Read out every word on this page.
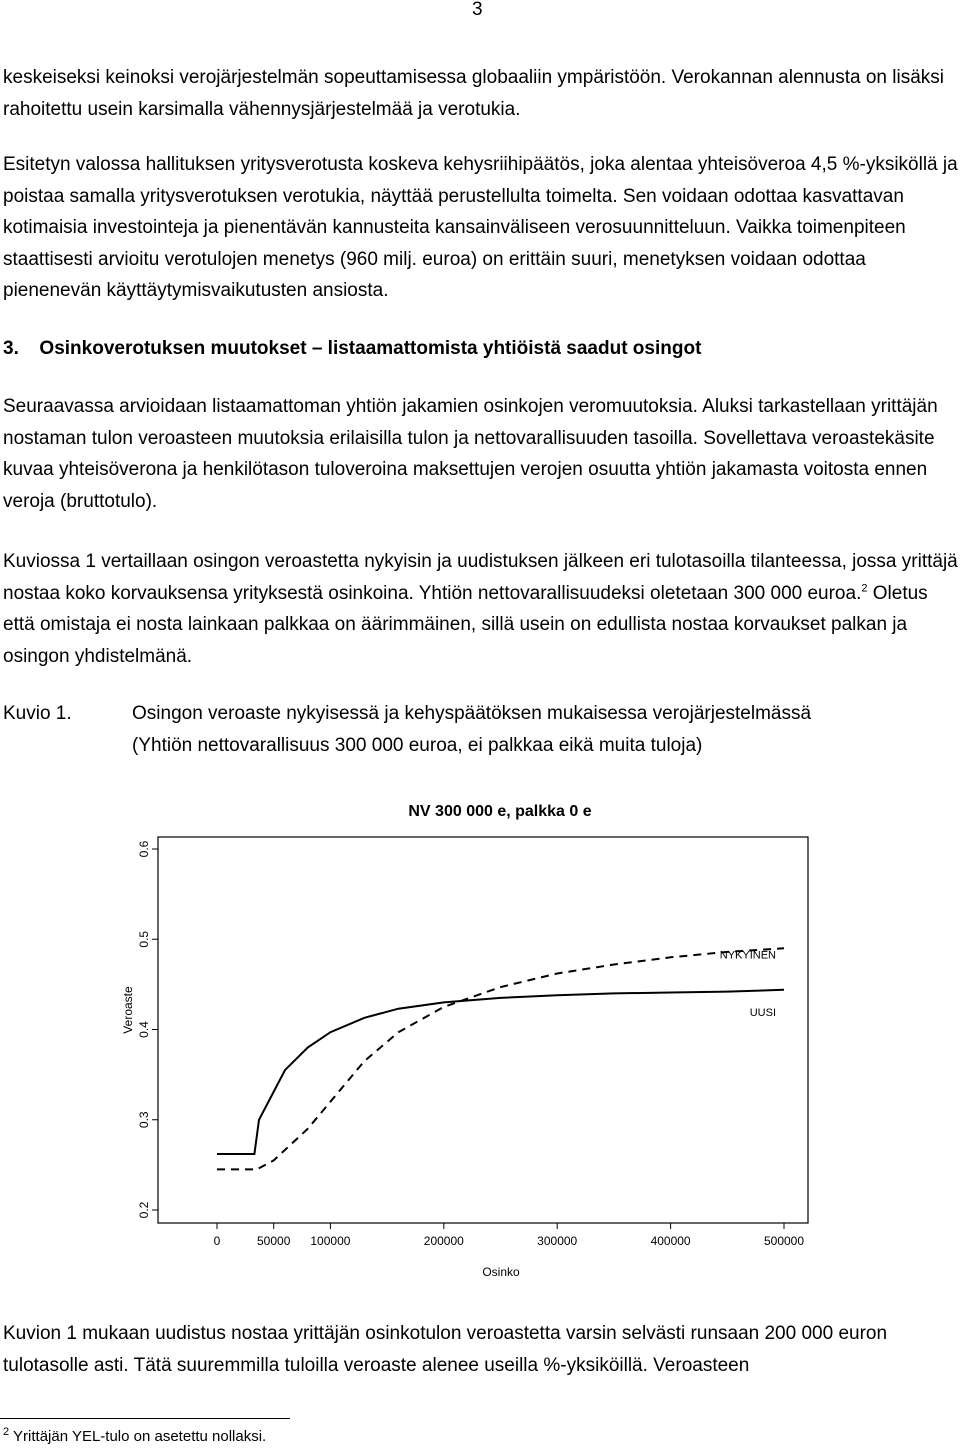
3

keskeiseksi keinoksi verojärjestelmän sopeuttamisessa globaaliin ympäristöön. Verokannan alennusta on lisäksi rahoitettu usein karsimalla vähennysjärjestelmää ja verotukia.

Esitetyn valossa hallituksen yritysverotusta koskeva kehysriihipäätös, joka alentaa yhteisöveroa 4,5 %-yksiköllä ja poistaa samalla yritysverotuksen verotukia, näyttää perustellulta toimelta. Sen voidaan odottaa kasvattavan kotimaisia investointeja ja pienentävän kannusteita kansainväliseen verosuunnitteluun. Vaikka toimenpiteen staattisesti arvioitu verotulojen menetys (960 milj. euroa) on erittäin suuri, menetyksen voidaan odottaa pienenevän käyttäytymisvaikutusten ansiosta.

3. Osinkoverotuksen muutokset – listaamattomista yhtiöistä saadut osingot

Seuraavassa arvioidaan listaamattoman yhtiön jakamien osinkojen veromuutoksia. Aluksi tarkastellaan yrittäjän nostaman tulon veroasteen muutoksia erilaisilla tulon ja nettovarallisuuden tasoilla. Sovellettava veroastekäsite kuvaa yhteisöverona ja henkilötason tuloveroina maksettujen verojen osuutta yhtiön jakamasta voitosta ennen veroja (bruttotulo).

Kuviossa 1 vertaillaan osingon veroastetta nykyisin ja uudistuksen jälkeen eri tulotasoilla tilanteessa, jossa yrittäjä nostaa koko korvauksensa yrityksestä osinkoina. Yhtiön nettovarallisuudeksi oletetaan 300 000 euroa.$^2$ Oletus että omistaja ei nosta lainkaan palkkaa on äärimmäinen, sillä usein on edullista nostaa korvaukset palkan ja osingon yhdistelmänä.

Kuvio 1.	Osingon veroaste nykyisessä ja kehyspäätöksen mukaisessa verojärjestelmässä
(Yhtiön nettovarallisuus 300 000 euroa, ei palkkaa eikä muita tuloja)
NV 300 000 e, palkka 0 e
Veroaste
Osinko
0	50000 100000	200000	300000	400000	500000
0.2
0.3
0.4
0.5
0.6
NYKYINEN
UUSI

Kuvion 1 mukaan uudistus nostaa yrittäjän osinkotulon veroastetta varsin selvästi runsaan 200 000 euron tulotasolle asti. Tätä suuremmilla tuloilla veroaste alenee useilla %-yksiköillä. Veroasteen

$^2$ Yrittäjän YEL-tulo on asetettu nollaksi.
